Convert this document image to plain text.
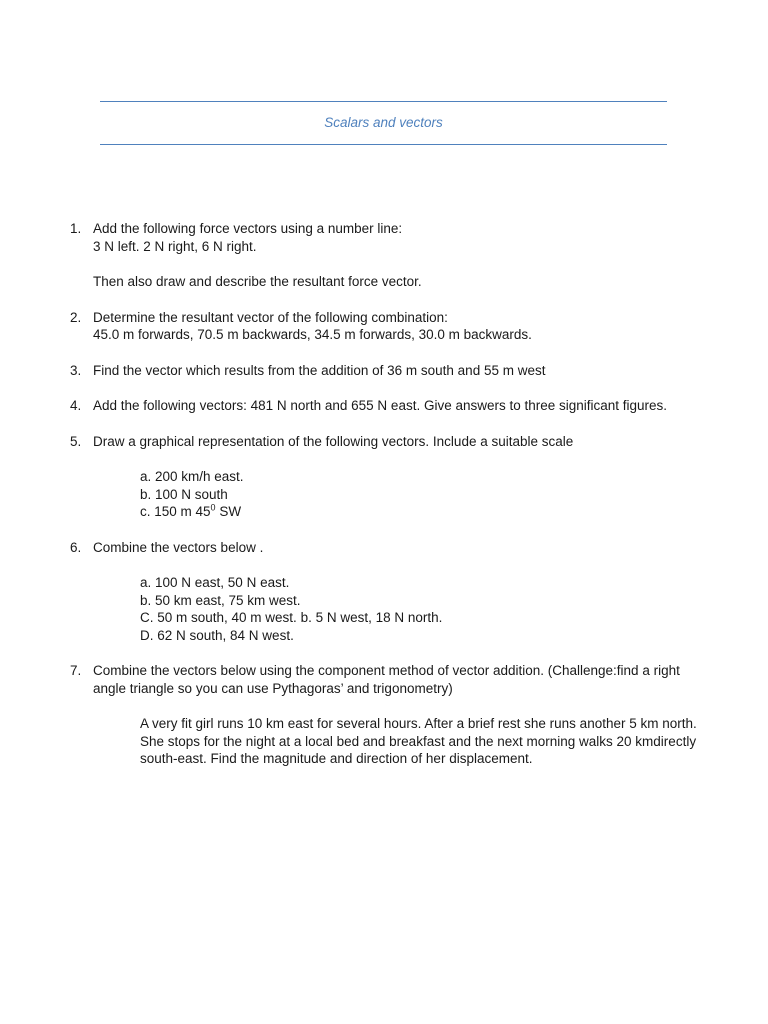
Scalars and vectors
1. Add the following force vectors using a number line:
3 N left. 2 N right, 6 N right.
Then also draw and describe the resultant force vector.
2. Determine the resultant vector of the following combination:
45.0 m forwards, 70.5 m backwards, 34.5 m forwards, 30.0 m backwards.
3. Find the vector which results from the addition of 36 m south and 55 m west
4. Add the following vectors: 481 N north and 655 N east. Give answers to three significant figures.
5. Draw a graphical representation of the following vectors. Include a suitable scale
a. 200 km/h east.
b. 100 N south
c. 150 m $45^0$ SW
6. Combine the vectors below .
a. 100 N east, 50 N east.
b. 50 km east, 75 km west.
C. 50 m south, 40 m west. b. 5 N west, 18 N north.
D. 62 N south, 84 N west.
7. Combine the vectors below using the component method of vector addition. (Challenge:find a right
angle triangle so you can use Pythagoras’ and trigonometry)
A very fit girl runs 10 km east for several hours. After a brief rest she runs another 5 km north.
She stops for the night at a local bed and breakfast and the next morning walks 20 kmdirectly
south-east. Find the magnitude and direction of her displacement.
